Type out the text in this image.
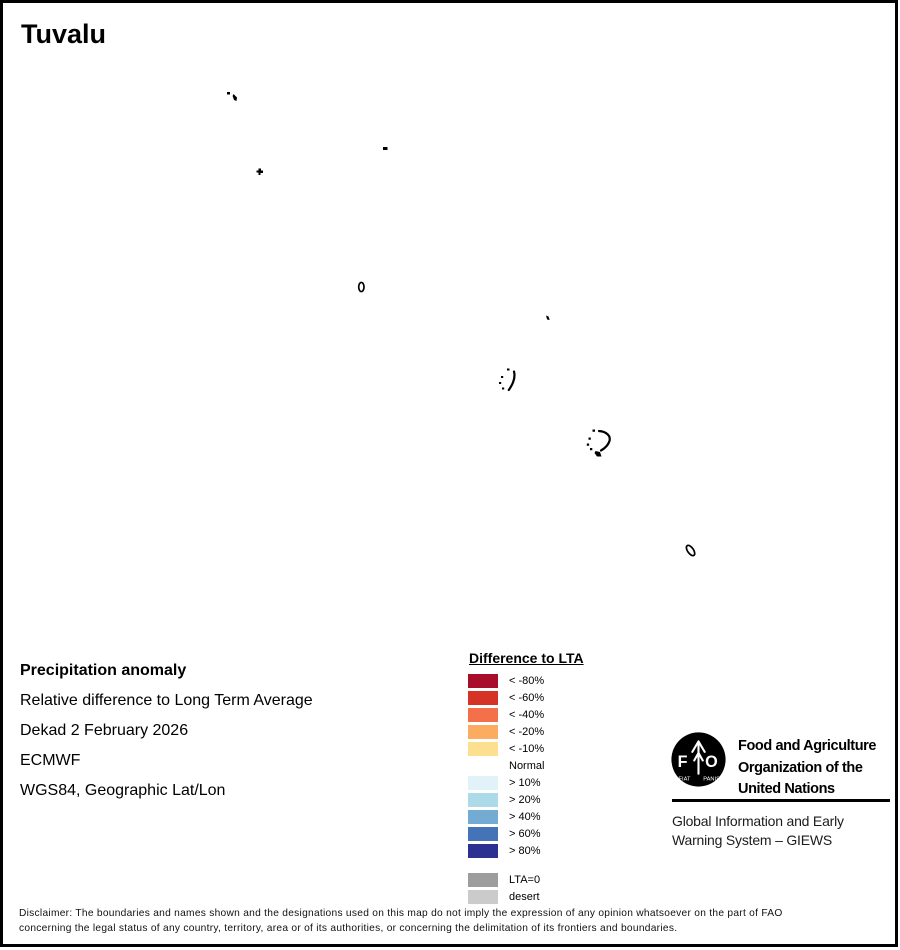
Tuvalu
Precipitation anomaly
Relative difference to Long Term Average
Dekad 2 February 2026
ECMWF
WGS84, Geographic Lat/Lon
Difference to LTA
< -80%
< -60%
< -40%
< -20%
< -10%
Normal
> 10%
> 20%
> 40%
> 60%
> 80%
LTA=0
desert
F O
FIAT PANIS
Food and Agriculture
Organization of the
United Nations
Global Information and Early
Warning System – GIEWS
Disclaimer: The boundaries and names shown and the designations used on this map do not imply the expression of any opinion whatsoever on the part of FAO
concerning the legal status of any country, territory, area or of its authorities, or concerning the delimitation of its frontiers and boundaries.
